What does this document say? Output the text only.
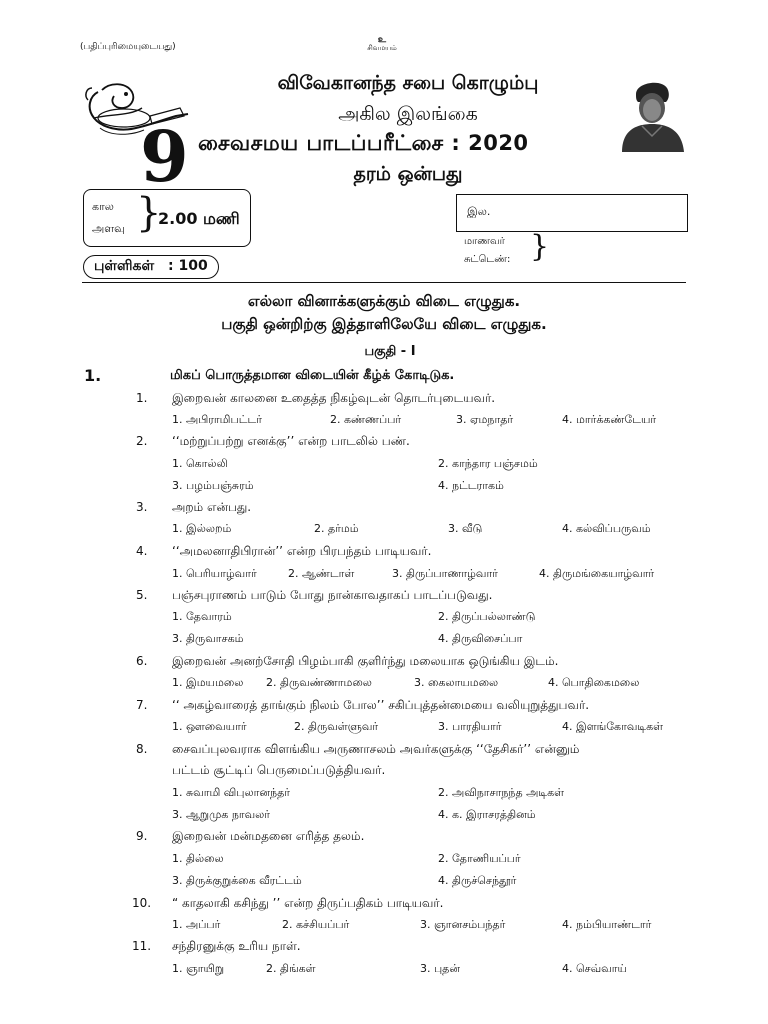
(பதிப்புரிமையுடையது)
உ
சிவமயம்
விவேகானந்த சபை கொழும்பு
அகில இலங்கை
9 சைவசமய பாடப்பரீட்சை : 2020
தரம் ஒன்பது
கால
அளவு }
2.00 மணி
புள்ளிகள் : 100
இல.
மாணவர்
சுட்டெண்: }
எல்லா வினாக்களுக்கும் விடை எழுதுக.
பகுதி ஒன்றிற்கு இத்தாளிலேயே விடை எழுதுக.
பகுதி - I
1.	மிகப் பொருத்தமான விடையின் கீழ்க் கோடிடுக.
1. இறைவன் காலனை உதைத்த நிகழ்வுடன் தொடர்புடையவர்.
1. அபிராமிபட்டர்	2. கண்ணப்பர்	3. ஏமநாதர்	4. மார்க்கண்டேயர்
2. ‘‘மற்றுப்பற்று எனக்கு’’ என்ற பாடலில் பண்.
1. கொல்லி	2. காந்தார பஞ்சமம்
3. பழம்பஞ்சுரம்	4. நட்டராகம்
3. அறம் என்பது.
1. இல்லறம்	2. தர்மம்	3. வீடு	4. கல்விப்பருவம்
4. ‘‘அமலனாதிபிரான்’’ என்ற பிரபந்தம் பாடியவர்.
1. பெரியாழ்வார்	2. ஆண்டாள்	3. திருப்பாணாழ்வார்	4. திருமங்கையாழ்வார்
5. பஞ்சபுராணம் பாடும் போது நான்காவதாகப் பாடப்படுவது.
1. தேவாரம்	2. திருப்பல்லாண்டு
3. திருவாசகம்	4. திருவிசைப்பா
6. இறைவன் அனற்சோதி பிழம்பாகி குளிர்ந்து மலையாக ஒடுங்கிய இடம்.
1. இமயமலை 2. திருவண்ணாமலை	3. கைலாயமலை	4. பொதிகைமலை
7. ‘‘ அகழ்வாரைத் தாங்கும் நிலம் போல’’ சகிப்புத்தன்மையை வலியுறுத்துபவர்.
1. ஔவையார்	2. திருவள்ளுவர்	3. பாரதியார்	4. இளங்கோவடிகள்
8. சைவப்புலவராக விளங்கிய அருணாசலம் அவர்களுக்கு ‘‘தேசிகர்’’ என்னும்
பட்டம் சூட்டிப் பெருமைப்படுத்தியவர்.
1. சுவாமி விபுலானந்தர்	2. அவிநாசாநந்த அடிகள்
3. ஆறுமுக நாவலர்	4. க. இராசரத்தினம்
9. இறைவன் மன்மதனை எரித்த தலம்.
1. தில்லை	2. தோணியப்பர்
3. திருக்குறுக்கை வீரட்டம்	4. திருச்செந்தூர்
10. “ காதலாகி கசிந்து ’’ என்ற திருப்பதிகம் பாடியவர்.
1. அப்பர்	2. கச்சியப்பர்	3. ஞானசம்பந்தர்	4. நம்பியாண்டார்
11. சந்திரனுக்கு உரிய நாள்.
1. ஞாயிறு	2. திங்கள்	3. புதன்	4. செவ்வாய்
